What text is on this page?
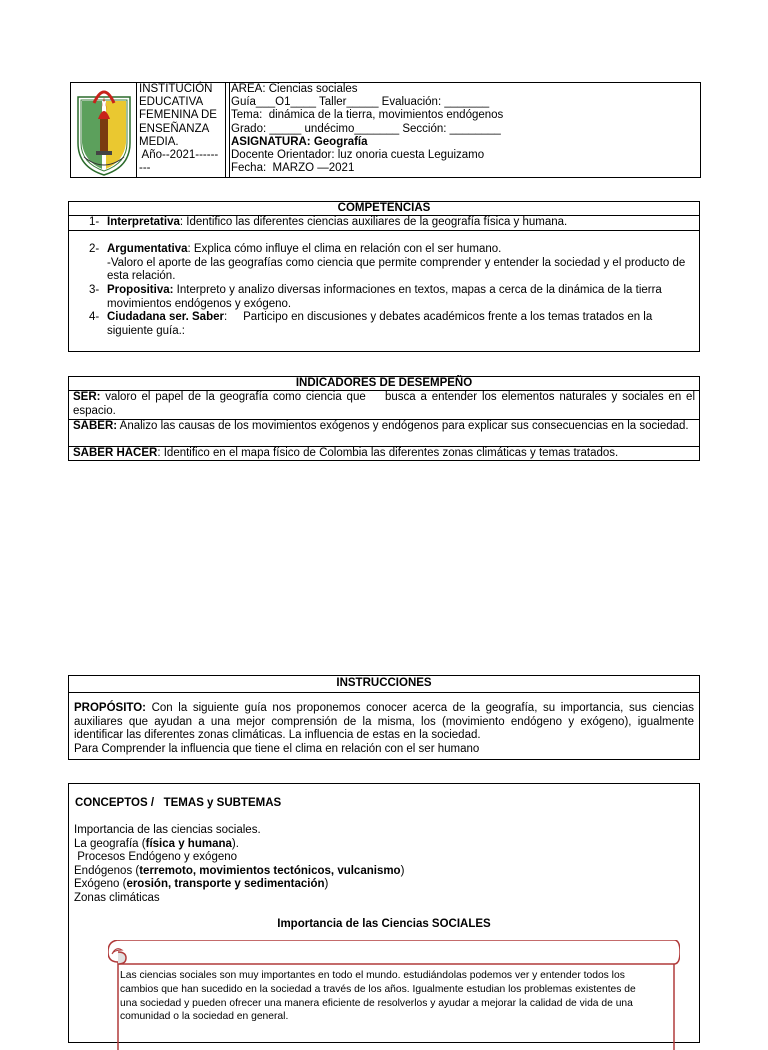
INSTITUCIÓN
EDUCATIVA
FEMENINA DE
ENSEÑANZA
MEDIA.
Año--2021------
---
AREA: Ciencias sociales
Guía___O1____ Taller_____ Evaluación: _______
Tema:  dinámica de la tierra, movimientos endógenos
Grado: _____ undécimo_______ Sección: ________
ASIGNATURA: Geografía
Docente Orientador: luz onoria cuesta Leguizamo
Fecha:  MARZO —2021
COMPETENCIAS
1- Interpretativa: Identifico las diferentes ciencias auxiliares de la geografía física y humana.
2- Argumentativa: Explica cómo influye el clima en relación con el ser humano.
-Valoro el aporte de las geografías como ciencia que permite comprender y entender la sociedad y el producto de esta relación.
3- Propositiva: Interpreto y analizo diversas informaciones en textos, mapas a cerca de la dinámica de la tierra movimientos endógenos y exógeno.
4- Ciudadana ser. Saber:     Participo en discusiones y debates académicos frente a los temas tratados en la siguiente guía.:
INDICADORES DE DESEMPEÑO
SER: valoro el papel de la geografía como ciencia que    busca a entender los elementos naturales y sociales en el espacio.
SABER: Analizo las causas de los movimientos exógenos y endógenos para explicar sus consecuencias en la sociedad.
SABER HACER: Identifico en el mapa físico de Colombia las diferentes zonas climáticas y temas tratados.
INSTRUCCIONES
PROPÓSITO: Con la siguiente guía nos proponemos conocer acerca de la geografía, su importancia, sus ciencias auxiliares que ayudan a una mejor comprensión de la misma, los (movimiento endógeno y exógeno), igualmente identificar las diferentes zonas climáticas. La influencia de estas en la sociedad.
Para Comprender la influencia que tiene el clima en relación con el ser humano
CONCEPTOS /   TEMAS y SUBTEMAS
Importancia de las ciencias sociales.
La geografía (física y humana).
Procesos Endógeno y exógeno
Endógenos (terremoto, movimientos tectónicos, vulcanismo)
Exógeno (erosión, transporte y sedimentación)
Zonas climáticas
Importancia de las Ciencias SOCIALES
Las ciencias sociales son muy importantes en todo el mundo. estudiándolas podemos ver y entender todos los cambios que han sucedido en la sociedad a través de los años. Igualmente estudian los problemas existentes de una sociedad y pueden ofrecer una manera eficiente de resolverlos y ayudar a mejorar la calidad de vida de una comunidad o la sociedad en general.
